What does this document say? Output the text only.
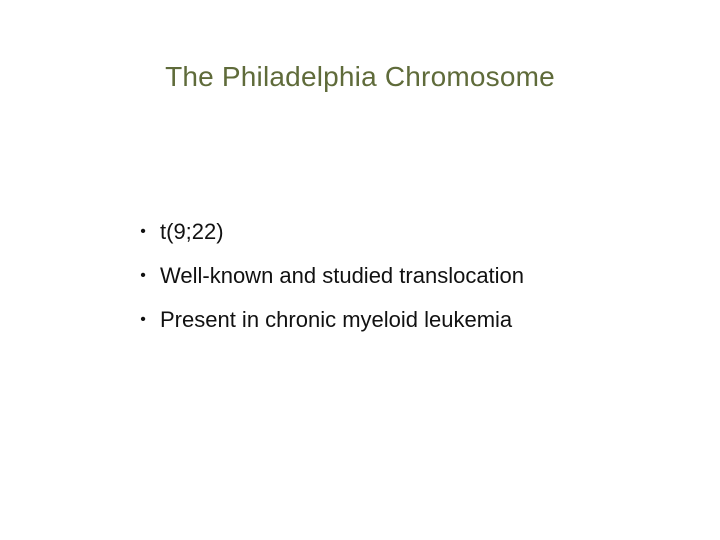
The Philadelphia Chromosome
• t(9;22)
• Well-known and studied translocation
• Present in chronic myeloid leukemia
